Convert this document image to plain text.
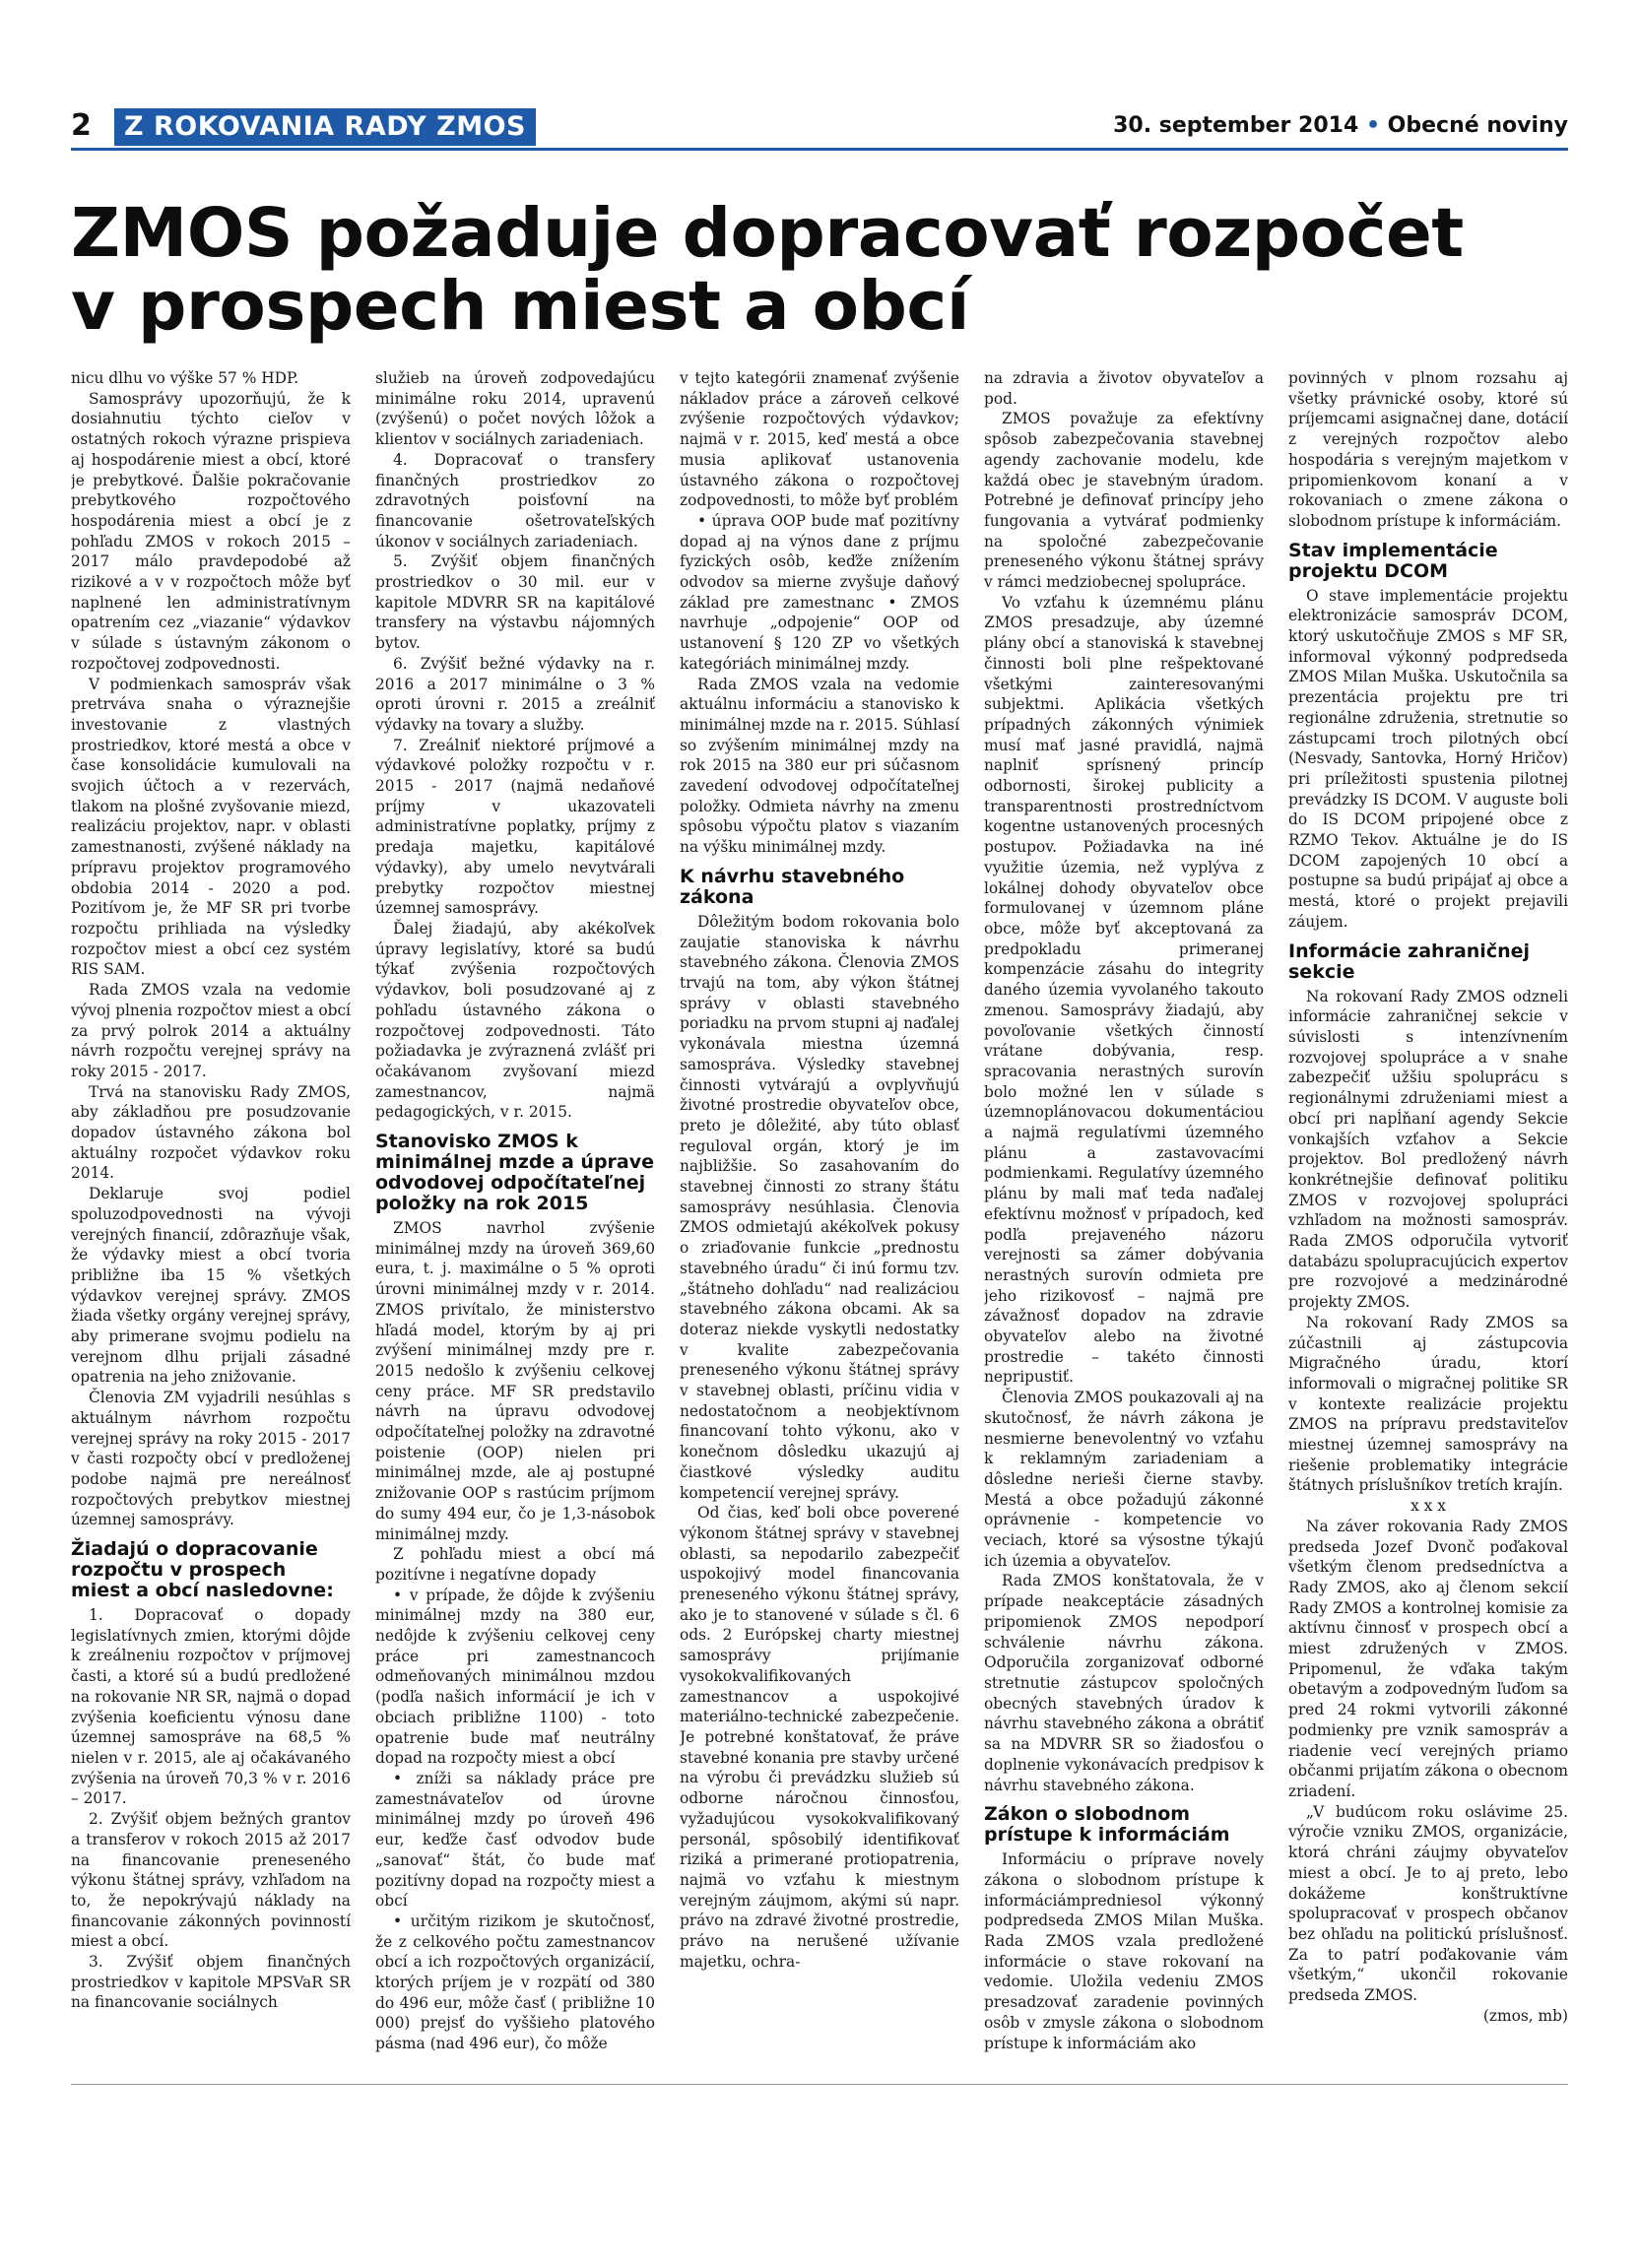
2	Z ROKOVANIA RADY ZMOS	30. september 2014 • Obecné noviny
ZMOS požaduje dopracovať rozpočet
v prospech miest a obcí

nicu dlhu vo výške 57 % HDP.

Samosprávy upozorňujú, že k dosiahnutiu týchto cieľov v ostatných rokoch výrazne prispieva aj hospodárenie miest a obcí, ktoré je prebytkové. Ďalšie pokračovanie prebytkového rozpočtového hospodárenia miest a obcí je z pohľadu ZMOS v rokoch 2015 – 2017 málo pravdepodobé až rizikové a v v rozpočtoch môže byť naplnené len administratívnym opatrením cez „viazanie“ výdavkov v súlade s ústavným zákonom o rozpočtovej zodpovednosti.

V podmienkach samospráv však pretrváva snaha o výraznejšie investovanie z vlastných prostriedkov, ktoré mestá a obce v čase konsolidácie kumulovali na svojich účtoch a v rezervách, tlakom na plošné zvyšovanie miezd, realizáciu projektov, napr. v oblasti zamestnanosti, zvýšené náklady na prípravu projektov programového obdobia 2014 - 2020 a pod. Pozitívom je, že MF SR pri tvorbe rozpočtu prihliada na výsledky rozpočtov miest a obcí cez systém RIS SAM.

Rada ZMOS vzala na vedomie vývoj plnenia rozpočtov miest a obcí za prvý polrok 2014 a aktuálny návrh rozpočtu verejnej správy na roky 2015 - 2017.

Trvá na stanovisku Rady ZMOS, aby základňou pre posudzovanie dopadov ústavného zákona bol aktuálny rozpočet výdavkov roku 2014.

Deklaruje svoj podiel spoluzodpovednosti na vývoji verejných financií, zdôrazňuje však, že výdavky miest a obcí tvoria približne iba 15 % všetkých výdavkov verejnej správy. ZMOS žiada všetky orgány verejnej správy, aby primerane svojmu podielu na verejnom dlhu prijali zásadné opatrenia na jeho znižovanie.

Členovia ZM vyjadrili nesúhlas s aktuálnym návrhom rozpočtu verejnej správy na roky 2015 - 2017 v časti rozpočty obcí v predloženej podobe najmä pre nereálnosť rozpočtových prebytkov miestnej územnej samosprávy.

Žiadajú o dopracovanie rozpočtu v prospech miest a obcí nasledovne:

1. Dopracovať o dopady legislatívnych zmien, ktorými dôjde k zreálneniu rozpočtov v príjmovej časti, a ktoré sú a budú predložené na rokovanie NR SR, najmä o dopad zvýšenia koeficientu výnosu dane územnej samospráve na 68,5 % nielen v r. 2015, ale aj očakávaného zvýšenia na úroveň 70,3 % v r. 2016 – 2017.

2. Zvýšiť objem bežných grantov a transferov v rokoch 2015 až 2017 na financovanie preneseného výkonu štátnej správy, vzhľadom na to, že nepokrývajú náklady na financovanie zákonných povinností miest a obcí.

3. Zvýšiť objem finančných prostriedkov v kapitole MPSVaR SR na financovanie sociálnych

služieb na úroveň zodpovedajúcu minimálne roku 2014, upravenú (zvýšenú) o počet nových lôžok a klientov v sociálnych zariadeniach.

4. Dopracovať o transfery finančných prostriedkov zo zdravotných poisťovní na financovanie ošetrovateľských úkonov v sociálnych zariadeniach.

5. Zvýšiť objem finančných prostriedkov o 30 mil. eur v kapitole MDVRR SR na kapitálové transfery na výstavbu nájomných bytov.

6. Zvýšiť bežné výdavky na r. 2016 a 2017 minimálne o 3 % oproti úrovni r. 2015 a zreálniť výdavky na tovary a služby.

7. Zreálniť niektoré príjmové a výdavkové položky rozpočtu v r. 2015 - 2017 (najmä nedaňové príjmy v ukazovateli administratívne poplatky, príjmy z predaja majetku, kapitálové výdavky), aby umelo nevytvárali prebytky rozpočtov miestnej územnej samosprávy.

Ďalej žiadajú, aby akékoľvek úpravy legislatívy, ktoré sa budú týkať zvýšenia rozpočtových výdavkov, boli posudzované aj z pohľadu ústavného zákona o rozpočtovej zodpovednosti. Táto požiadavka je zvýraznená zvlášť pri očakávanom zvyšovaní miezd zamestnancov, najmä pedagogických, v r. 2015.

Stanovisko ZMOS k minimálnej mzde a úprave odvodovej odpočítateľnej položky na rok 2015

ZMOS navrhol zvýšenie minimálnej mzdy na úroveň 369,60 eura, t. j. maximálne o 5 % oproti úrovni minimálnej mzdy v r. 2014. ZMOS privítalo, že ministerstvo hľadá model, ktorým by aj pri zvýšení minimálnej mzdy pre r. 2015 nedošlo k zvýšeniu celkovej ceny práce. MF SR predstavilo návrh na úpravu odvodovej odpočítateľnej položky na zdravotné poistenie (OOP) nielen pri minimálnej mzde, ale aj postupné znižovanie OOP s rastúcim príjmom do sumy 494 eur, čo je 1,3-násobok minimálnej mzdy.

Z pohľadu miest a obcí má pozitívne i negatívne dopady

• v prípade, že dôjde k zvýšeniu minimálnej mzdy na 380 eur, nedôjde k zvýšeniu celkovej ceny práce pri zamestnancoch odmeňovaných minimálnou mzdou (podľa našich informácií je ich v obciach približne 1100) - toto opatrenie bude mať neutrálny dopad na rozpočty miest a obcí

• zníži sa náklady práce pre zamestnávateľov od úrovne minimálnej mzdy po úroveň 496 eur, keďže časť odvodov bude „sanovať“ štát, čo bude mať pozitívny dopad na rozpočty miest a obcí

• určitým rizikom je skutočnosť, že z celkového počtu zamestnancov obcí a ich rozpočtových organizácií, ktorých príjem je v rozpätí od 380 do 496 eur, môže časť ( približne 10 000) prejsť do vyššieho platového pásma (nad 496 eur), čo môže

v tejto kategórii znamenať zvýšenie nákladov práce a zároveň celkové zvýšenie rozpočtových výdavkov; najmä v r. 2015, keď mestá a obce musia aplikovať ustanovenia ústavného zákona o rozpočtovej zodpovednosti, to môže byť problém

• úprava OOP bude mať pozitívny dopad aj na výnos dane z príjmu fyzických osôb, keďže znížením odvodov sa mierne zvyšuje daňový základ pre zamestnanc • ZMOS navrhuje „odpojenie“ OOP od ustanovení § 120 ZP vo všetkých kategóriách minimálnej mzdy.

Rada ZMOS vzala na vedomie aktuálnu informáciu a stanovisko k minimálnej mzde na r. 2015. Súhlasí so zvýšením minimálnej mzdy na rok 2015 na 380 eur pri súčasnom zavedení odvodovej odpočítateľnej položky. Odmieta návrhy na zmenu spôsobu výpočtu platov s viazaním na výšku minimálnej mzdy.

K návrhu stavebného zákona

Dôležitým bodom rokovania bolo zaujatie stanoviska k návrhu stavebného zákona. Členovia ZMOS trvajú na tom, aby výkon štátnej správy v oblasti stavebného poriadku na prvom stupni aj naďalej vykonávala miestna územná samospráva. Výsledky stavebnej činnosti vytvárajú a ovplyvňujú životné prostredie obyvateľov obce, preto je dôležité, aby túto oblasť reguloval orgán, ktorý je im najbližšie. So zasahovaním do stavebnej činnosti zo strany štátu samosprávy nesúhlasia. Členovia ZMOS odmietajú akékoľvek pokusy o zriaďovanie funkcie „prednostu stavebného úradu“ či inú formu tzv. „štátneho dohľadu“ nad realizáciou stavebného zákona obcami. Ak sa doteraz niekde vyskytli nedostatky v kvalite zabezpečovania preneseného výkonu štátnej správy v stavebnej oblasti, príčinu vidia v nedostatočnom a neobjektívnom financovaní tohto výkonu, ako v konečnom dôsledku ukazujú aj čiastkové výsledky auditu kompetencií verejnej správy.

Od čias, keď boli obce poverené výkonom štátnej správy v stavebnej oblasti, sa nepodarilo zabezpečiť uspokojivý model financovania preneseného výkonu štátnej správy, ako je to stanovené v súlade s čl. 6 ods. 2 Európskej charty miestnej samosprávy prijímanie vysokokvalifikovaných zamestnancov a uspokojivé materiálno-technické zabezpečenie. Je potrebné konštatovať, že práve stavebné konania pre stavby určené na výrobu či prevádzku služieb sú odborne náročnou činnosťou, vyžadujúcou vysokokvalifikovaný personál, spôsobilý identifikovať riziká a primerané protiopatrenia, najmä vo vzťahu k miestnym verejným záujmom, akými sú napr. právo na zdravé životné prostredie, právo na nerušené užívanie majetku, ochra-

na zdravia a životov obyvateľov a pod.

ZMOS považuje za efektívny spôsob zabezpečovania stavebnej agendy zachovanie modelu, kde každá obec je stavebným úradom. Potrebné je definovať princípy jeho fungovania a vytvárať podmienky na spoločné zabezpečovanie preneseného výkonu štátnej správy v rámci medziobecnej spolupráce.

Vo vzťahu k územnému plánu ZMOS presadzuje, aby územné plány obcí a stanoviská k stavebnej činnosti boli plne rešpektované všetkými zainteresovanými subjektmi. Aplikácia všetkých prípadných zákonných výnimiek musí mať jasné pravidlá, najmä naplniť sprísnený princíp odbornosti, širokej publicity a transparentnosti prostredníctvom kogentne ustanovených procesných postupov. Požiadavka na iné využitie územia, než vyplýva z lokálnej dohody obyvateľov obce formulovanej v územnom pláne obce, môže byť akceptovaná za predpokladu primeranej kompenzácie zásahu do integrity daného územia vyvolaného takouto zmenou. Samosprávy žiadajú, aby povoľovanie všetkých činností vrátane dobývania, resp. spracovania nerastných surovín bolo možné len v súlade s územnoplánovacou dokumentáciou a najmä regulatívmi územného plánu a zastavovacími podmienkami. Regulatívy územného plánu by mali mať teda naďalej efektívnu možnosť v prípadoch, keď podľa prejaveného názoru verejnosti sa zámer dobývania nerastných surovín odmieta pre jeho rizikovosť – najmä pre závažnosť dopadov na zdravie obyvateľov alebo na životné prostredie – takéto činnosti nepripustiť.

Členovia ZMOS poukazovali aj na skutočnosť, že návrh zákona je nesmierne benevolentný vo vzťahu k reklamným zariadeniam a dôsledne nerieši čierne stavby. Mestá a obce požadujú zákonné oprávnenie - kompetencie vo veciach, ktoré sa výsostne týkajú ich územia a obyvateľov.

Rada ZMOS konštatovala, že v prípade neakceptácie zásadných pripomienok ZMOS nepodporí schválenie návrhu zákona. Odporučila zorganizovať odborné stretnutie zástupcov spoločných obecných stavebných úradov k návrhu stavebného zákona a obrátiť sa na MDVRR SR so žiadosťou o doplnenie vykonávacích predpisov k návrhu stavebného zákona.

Zákon o slobodnom prístupe k informáciám

Informáciu o príprave novely zákona o slobodnom prístupe k informáciámpredniesol výkonný podpredseda ZMOS Milan Muška. Rada ZMOS vzala predložené informácie o stave rokovaní na vedomie. Uložila vedeniu ZMOS presadzovať zaradenie povinných osôb v zmysle zákona o slobodnom prístupe k informáciám ako

povinných v plnom rozsahu aj všetky právnické osoby, ktoré sú príjemcami asignačnej dane, dotácií z verejných rozpočtov alebo hospodária s verejným majetkom v pripomienkovom konaní a v rokovaniach o zmene zákona o slobodnom prístupe k informáciám.

Stav implementácie projektu DCOM

O stave implementácie projektu elektronizácie samospráv DCOM, ktorý uskutočňuje ZMOS s MF SR, informoval výkonný podpredseda ZMOS Milan Muška. Uskutočnila sa prezentácia projektu pre tri regionálne združenia, stretnutie so zástupcami troch pilotných obcí (Nesvady, Santovka, Horný Hričov) pri príležitosti spustenia pilotnej prevádzky IS DCOM. V auguste boli do IS DCOM pripojené obce z RZMO Tekov. Aktuálne je do IS DCOM zapojených 10 obcí a postupne sa budú pripájať aj obce a mestá, ktoré o projekt prejavili záujem.

Informácie zahraničnej sekcie

Na rokovaní Rady ZMOS odzneli informácie zahraničnej sekcie v súvislosti s intenzívnením rozvojovej spolupráce a v snahe zabezpečiť užšiu spoluprácu s regionálnymi združeniami miest a obcí pri napĺňaní agendy Sekcie vonkajších vzťahov a Sekcie projektov. Bol predložený návrh konkrétnejšie definovať politiku ZMOS v rozvojovej spolupráci vzhľadom na možnosti samospráv. Rada ZMOS odporučila vytvoriť databázu spolupracujúcich expertov pre rozvojové a medzinárodné projekty ZMOS.

Na rokovaní Rady ZMOS sa zúčastnili aj zástupcovia Migračného úradu, ktorí informovali o migračnej politike SR v kontexte realizácie projektu ZMOS na prípravu predstaviteľov miestnej územnej samosprávy na riešenie problematiky integrácie štátnych príslušníkov tretích krajín.

x x x

Na záver rokovania Rady ZMOS predseda Jozef Dvonč poďakoval všetkým členom predsedníctva a Rady ZMOS, ako aj členom sekcií Rady ZMOS a kontrolnej komisie za aktívnu činnosť v prospech obcí a miest združených v ZMOS. Pripomenul, že vďaka takým obetavým a zodpovedným ľuďom sa pred 24 rokmi vytvorili zákonné podmienky pre vznik samospráv a riadenie vecí verejných priamo občanmi prijatím zákona o obecnom zriadení.

„V budúcom roku oslávime 25. výročie vzniku ZMOS, organizácie, ktorá chráni záujmy obyvateľov miest a obcí. Je to aj preto, lebo dokážeme konštruktívne spolupracovať v prospech občanov bez ohľadu na politickú príslušnosť. Za to patrí poďakovanie vám všetkým,“ ukončil rokovanie predseda ZMOS.

(zmos, mb)
